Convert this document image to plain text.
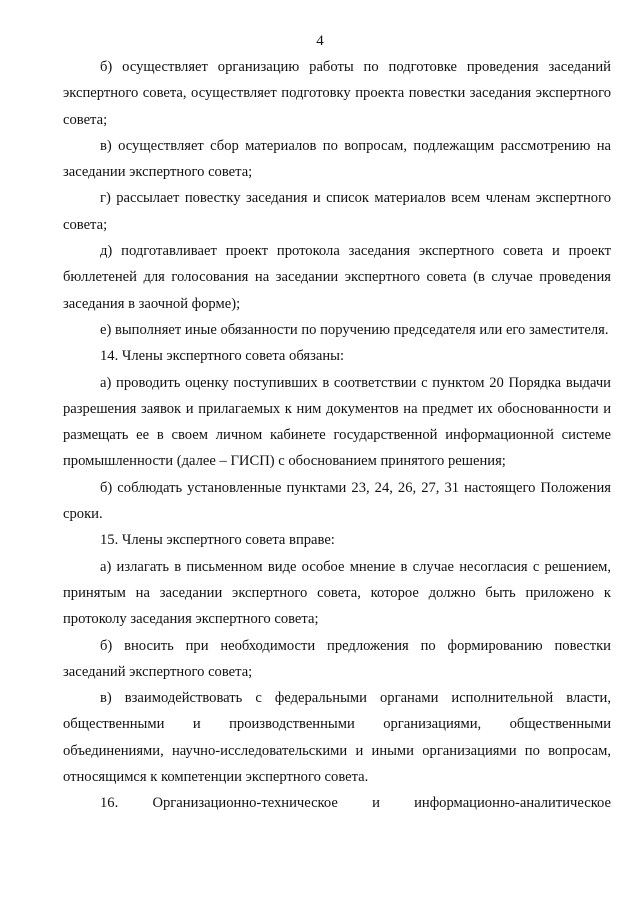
4

б) осуществляет организацию работы по подготовке проведения заседаний экспертного совета, осуществляет подготовку проекта повестки заседания экспертного совета;

в) осуществляет сбор материалов по вопросам, подлежащим рассмотрению на заседании экспертного совета;

г) рассылает повестку заседания и список материалов всем членам экспертного совета;

д) подготавливает проект протокола заседания экспертного совета и проект бюллетеней для голосования на заседании экспертного совета (в случае проведения заседания в заочной форме);

е) выполняет иные обязанности по поручению председателя или его заместителя.

14. Члены экспертного совета обязаны:

а) проводить оценку поступивших в соответствии с пунктом 20 Порядка выдачи разрешения заявок и прилагаемых к ним документов на предмет их обоснованности и размещать ее в своем личном кабинете государственной информационной системе промышленности (далее – ГИСП) с обоснованием принятого решения;

б) соблюдать установленные пунктами 23, 24, 26, 27, 31 настоящего Положения сроки.

15. Члены экспертного совета вправе:

а) излагать в письменном виде особое мнение в случае несогласия с решением, принятым на заседании экспертного совета, которое должно быть приложено к протоколу заседания экспертного совета;

б) вносить при необходимости предложения по формированию повестки заседаний экспертного совета;

в) взаимодействовать с федеральными органами исполнительной власти, общественными и производственными организациями, общественными объединениями, научно-исследовательскими и иными организациями по вопросам, относящимся к компетенции экспертного совета.

16. Организационно-техническое и информационно-аналитическое
